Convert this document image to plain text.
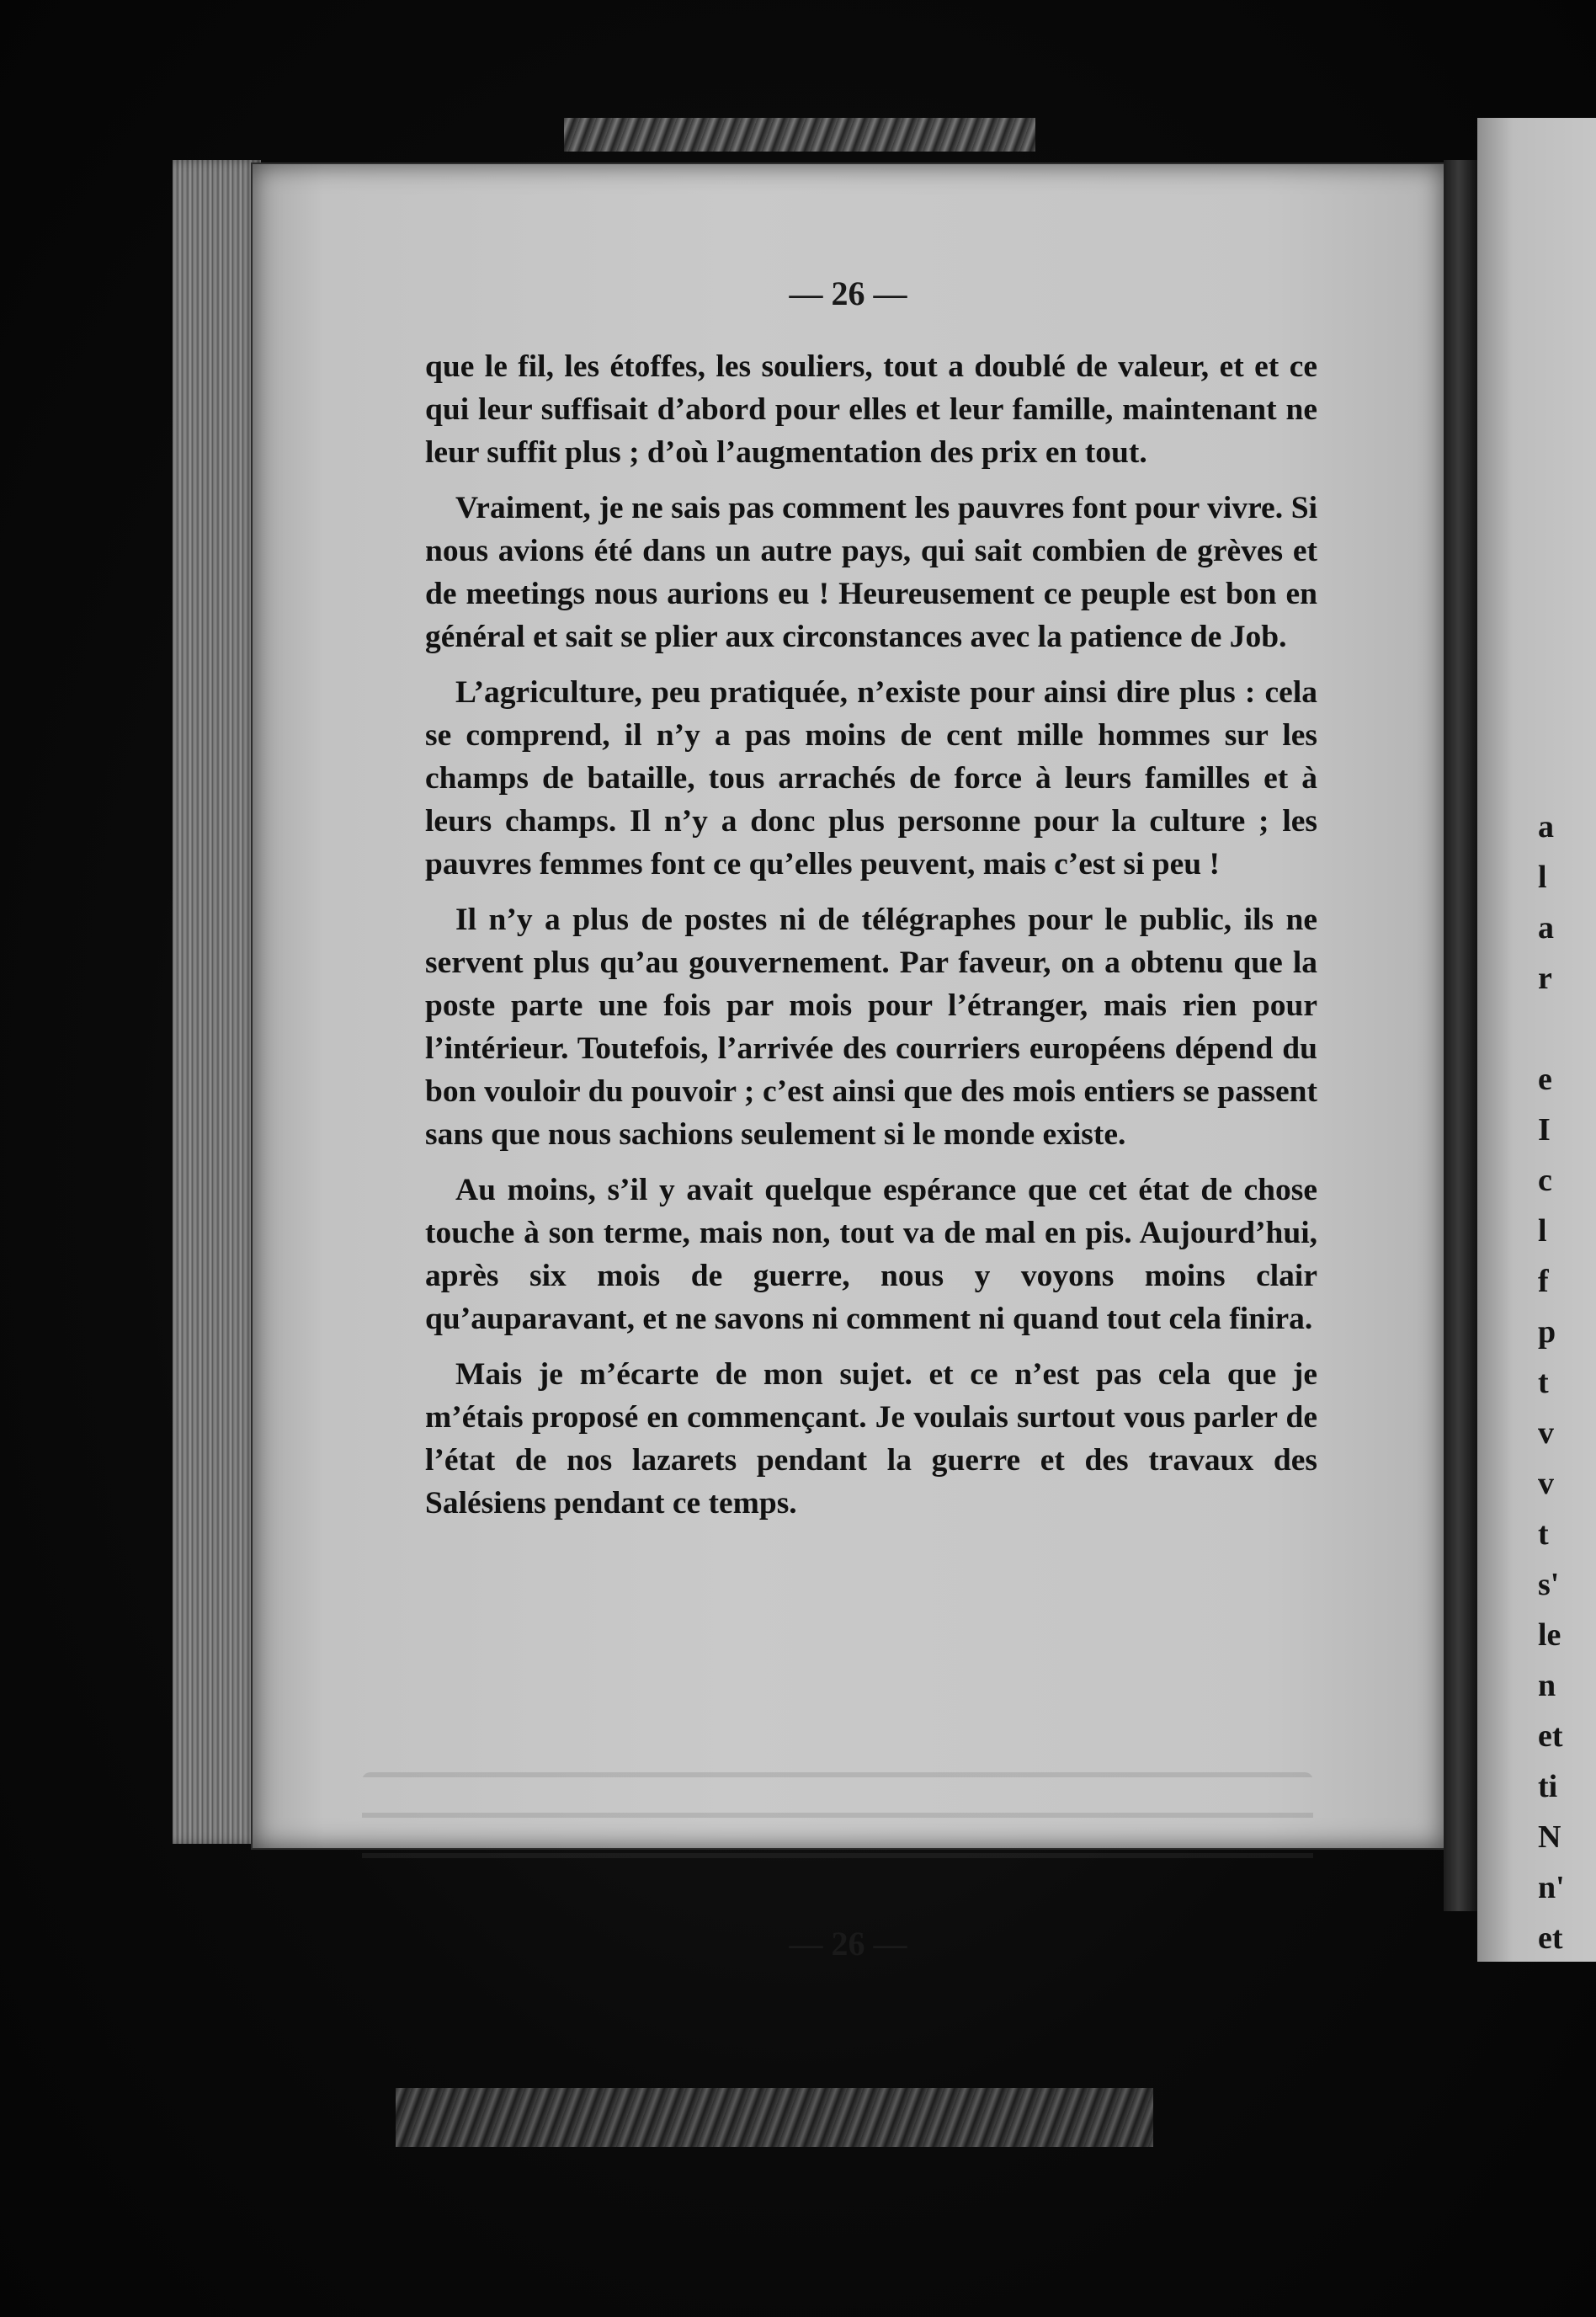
a
l
a
r
e
I
c
l
f
p
t
v
v
t
s'
le
n
et
ti
N
n'
et
— 26 —

que le fil, les étoffes, les souliers, tout a doublé de valeur, et et ce qui leur suffisait d’abord pour elles et leur famille, maintenant ne leur suffit plus ; d’où l’augmentation des prix en tout.

Vraiment, je ne sais pas comment les pauvres font pour vivre. Si nous avions été dans un autre pays, qui sait combien de grèves et de meetings nous aurions eu ! Heureusement ce peuple est bon en général et sait se plier aux circonstances avec la patience de Job.

L’agriculture, peu pratiquée, n’existe pour ainsi dire plus : cela se comprend, il n’y a pas moins de cent mille hommes sur les champs de bataille, tous arrachés de force à leurs familles et à leurs champs. Il n’y a donc plus personne pour la culture ; les pauvres femmes font ce qu’elles peuvent, mais c’est si peu !

Il n’y a plus de postes ni de télégraphes pour le public, ils ne servent plus qu’au gouvernement. Par faveur, on a obtenu que la poste parte une fois par mois pour l’étranger, mais rien pour l’intérieur. Toutefois, l’arrivée des courriers européens dépend du bon vouloir du pouvoir ; c’est ainsi que des mois entiers se passent sans que nous sachions seulement si le monde existe.

Au moins, s’il y avait quelque espérance que cet état de chose touche à son terme, mais non, tout va de mal en pis. Aujourd’hui, après six mois de guerre, nous y voyons moins clair qu’auparavant, et ne savons ni comment ni quand tout cela finira.

Mais je m’écarte de mon sujet. et ce n’est pas cela que je m’étais proposé en commençant. Je voulais surtout vous parler de l’état de nos lazarets pendant la guerre et des travaux des Salésiens pendant ce temps.

— 26 —
